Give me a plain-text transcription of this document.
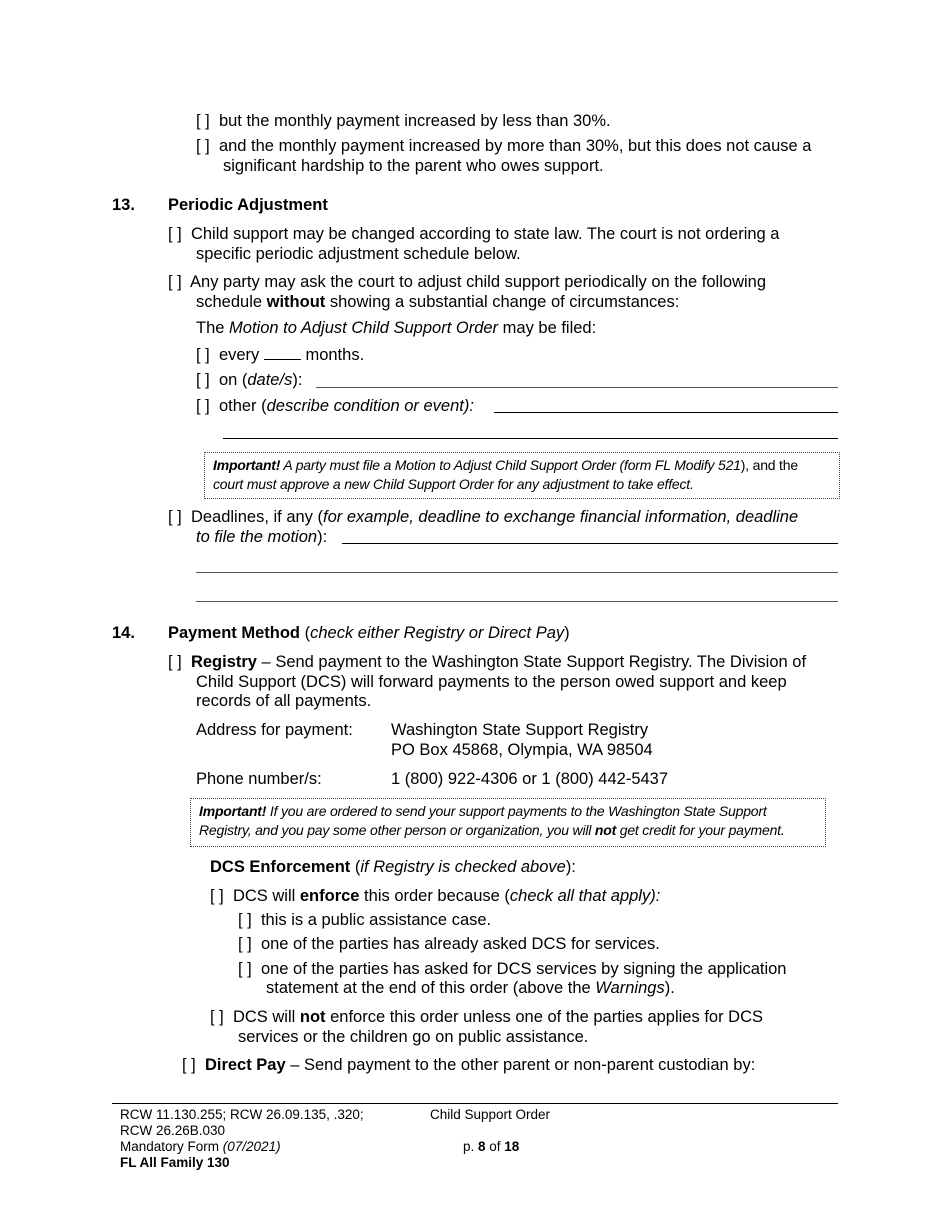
[ ] but the monthly payment increased by less than 30%.
[ ] and the monthly payment increased by more than 30%, but this does not cause a
significant hardship to the parent who owes support.
13. Periodic Adjustment
[ ] Child support may be changed according to state law. The court is not ordering a
specific periodic adjustment schedule below.
[ ] Any party may ask the court to adjust child support periodically on the following
schedule without showing a substantial change of circumstances:
The Motion to Adjust Child Support Order may be filed:
[ ] every  months.
[ ] on (date/s):
[ ] other (describe condition or event):
Important! A party must file a Motion to Adjust Child Support Order (form FL Modify 521), and the
court must approve a new Child Support Order for any adjustment to take effect.
[ ] Deadlines, if any (for example, deadline to exchange financial information, deadline
to file the motion):
14. Payment Method (check either Registry or Direct Pay)
[ ] Registry – Send payment to the Washington State Support Registry. The Division of
Child Support (DCS) will forward payments to the person owed support and keep
records of all payments.
Address for payment: Washington State Support Registry
PO Box 45868, Olympia, WA 98504
Phone number/s:	1 (800) 922-4306 or 1 (800) 442-5437
Important! If you are ordered to send your support payments to the Washington State Support
Registry, and you pay some other person or organization, you will not get credit for your payment.
DCS Enforcement (if Registry is checked above):
[ ] DCS will enforce this order because (check all that apply):
[ ] this is a public assistance case.
[ ] one of the parties has already asked DCS for services.
[ ] one of the parties has asked for DCS services by signing the application
statement at the end of this order (above the Warnings).
[ ] DCS will not enforce this order unless one of the parties applies for DCS
services or the children go on public assistance.
[ ] Direct Pay – Send payment to the other parent or non-parent custodian by:
RCW 11.130.255; RCW 26.09.135, .320;
RCW 26.26B.030
Mandatory Form (07/2021)
FL All Family 130
Child Support Order
p. 8 of 18
